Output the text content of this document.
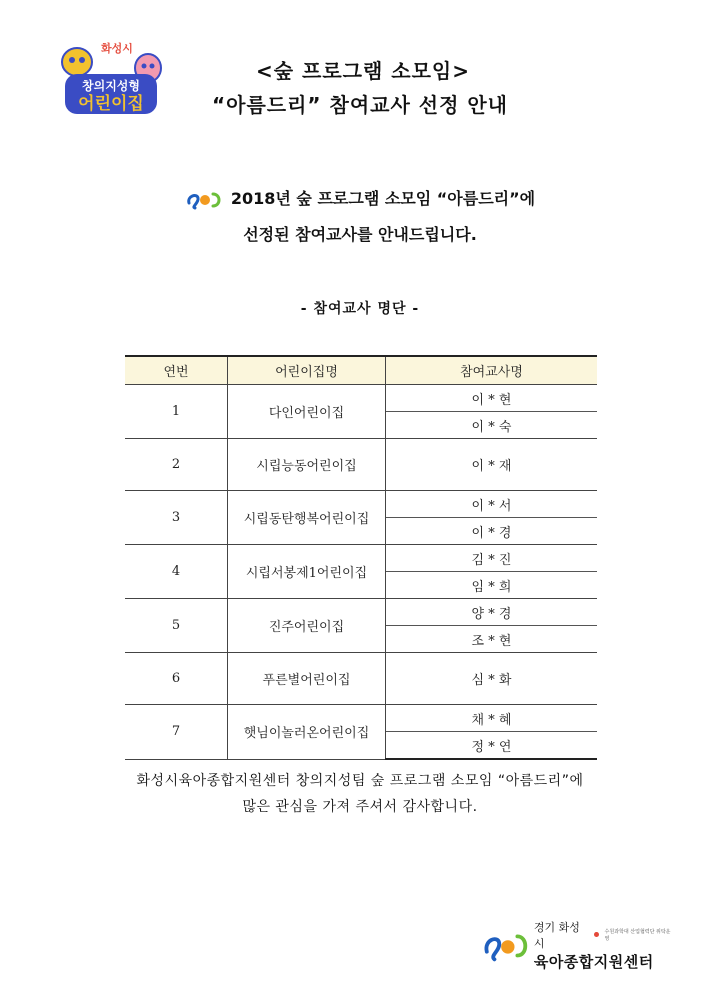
화성시
창의지성형
어린이집
<숲 프로그램 소모임>
“아름드리” 참여교사 선정 안내
2018년 숲 프로그램 소모임 “아름드리”에
선정된 참여교사를 안내드립니다.
- 참여교사 명단 -
연번	어린이집명	참여교사명
1	다인어린이집	이 * 현
		이 * 숙
2	시립능동어린이집	이 * 재
3	시립동탄행복어린이집	이 * 서
		이 * 경
4	시립서봉제1어린이집	김 * 진
		임 * 희
5	진주어린이집	양 * 경
		조 * 현
6	푸른별어린이집	심 * 화
7	햇님이놀러온어린이집	채 * 혜
		정 * 연
화성시육아종합지원센터 창의지성팀 숲 프로그램 소모임 “아름드리”에
많은 관심을 가져 주셔서 감사합니다.
경기 화성시
수원과학대 산업협력단 위탁운영
육아종합지원센터
